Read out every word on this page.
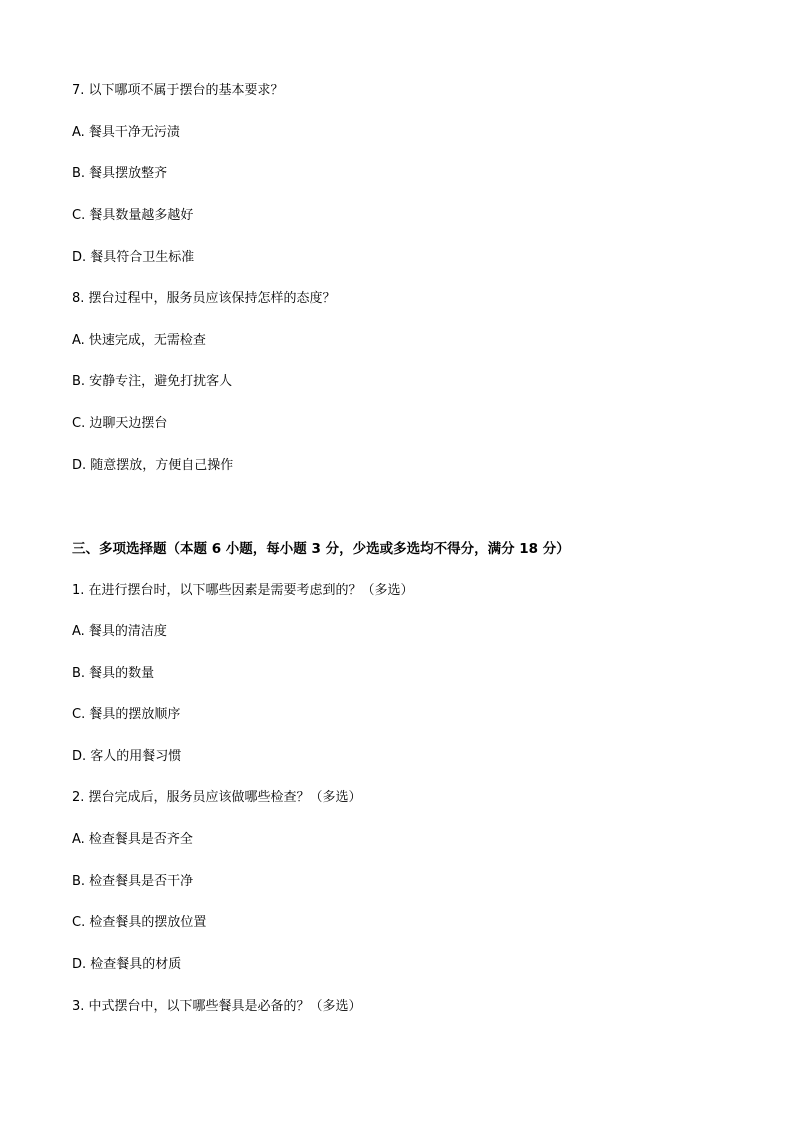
7. 以下哪项不属于摆台的基本要求？
A. 餐具干净无污渍
B. 餐具摆放整齐
C. 餐具数量越多越好
D. 餐具符合卫生标准
8. 摆台过程中，服务员应该保持怎样的态度？
A. 快速完成，无需检查
B. 安静专注，避免打扰客人
C. 边聊天边摆台
D. 随意摆放，方便自己操作
三、多项选择题（本题 6 小题，每小题 3 分，少选或多选均不得分，满分 18 分）
1. 在进行摆台时，以下哪些因素是需要考虑到的？（多选）
A. 餐具的清洁度
B. 餐具的数量
C. 餐具的摆放顺序
D. 客人的用餐习惯
2. 摆台完成后，服务员应该做哪些检查？（多选）
A. 检查餐具是否齐全
B. 检查餐具是否干净
C. 检查餐具的摆放位置
D. 检查餐具的材质
3. 中式摆台中，以下哪些餐具是必备的？（多选）
